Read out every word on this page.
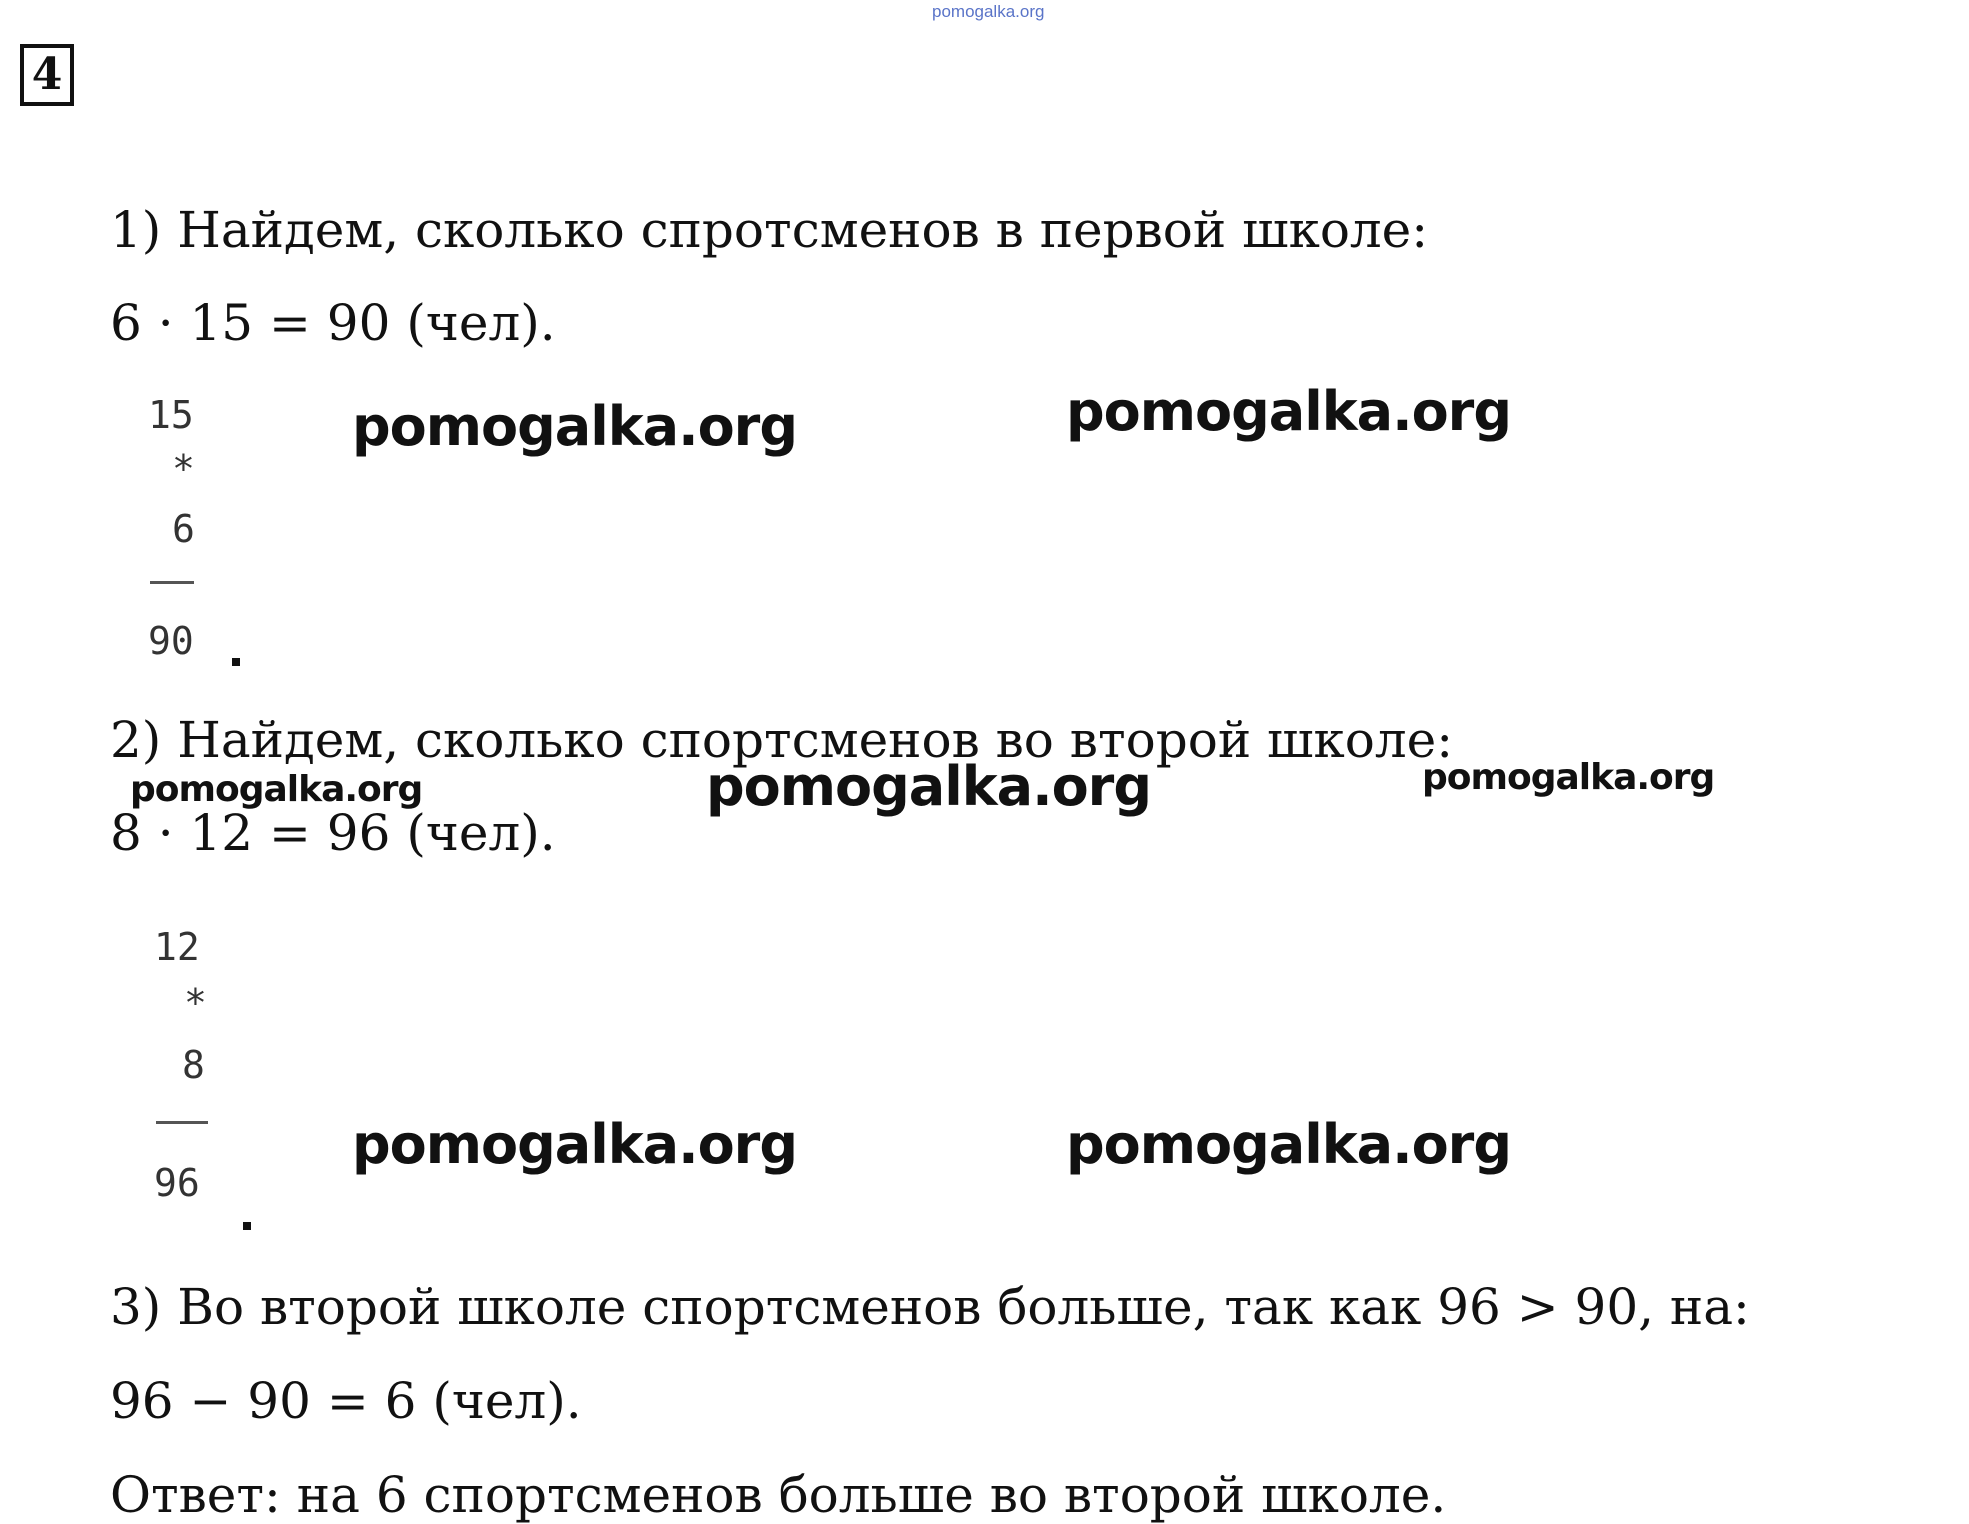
pomogalka.org
4
1) Найдем, сколько спротсменов в первой школе:
6 · 15 = 90 (чел).
15
*
6
90
2) Найдем, сколько спортсменов во второй школе:
8 · 12 = 96 (чел).
12
*
8
96
3) Во второй школе спортсменов больше, так как 96 > 90, на:
96 − 90 = 6 (чел).
Ответ: на 6 спортсменов больше во второй школе.
pomogalka.org	pomogalka.org
pomogalka.org	pomogalka.org	pomogalka.org
pomogalka.org	pomogalka.org
